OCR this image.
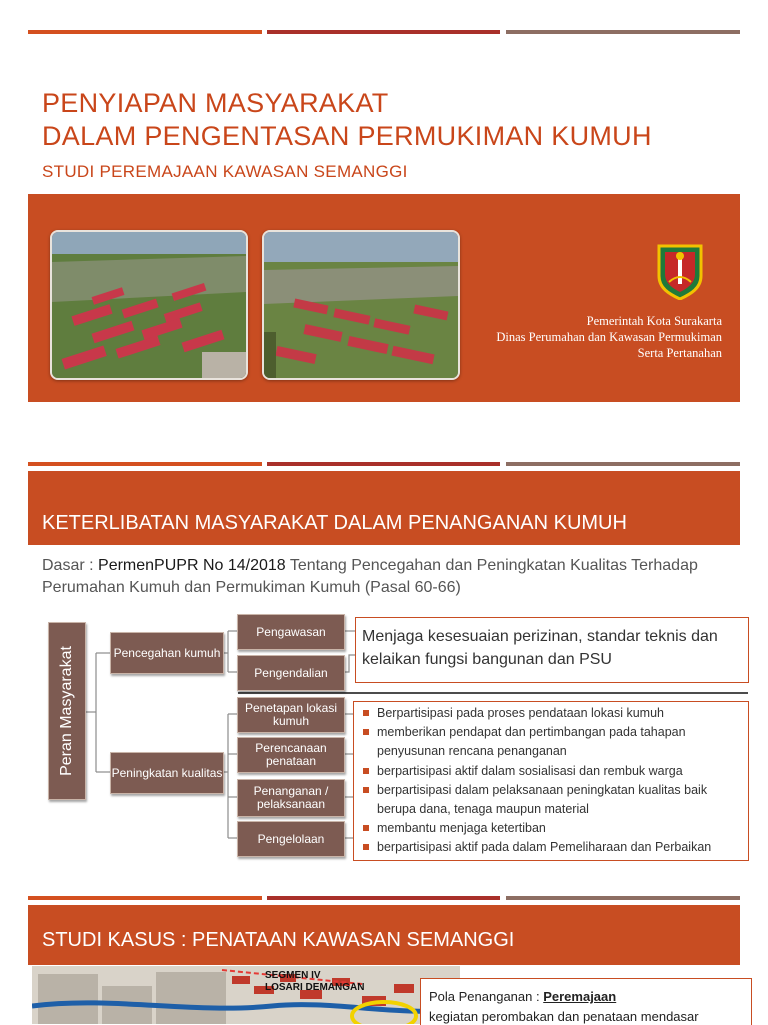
PENYIAPAN MASYARAKAT
DALAM PENGENTASAN PERMUKIMAN KUMUH
STUDI PEREMAJAAN KAWASAN SEMANGGI
Pemerintah Kota Surakarta
Dinas Perumahan dan Kawasan Permukiman
Serta Pertanahan
KETERLIBATAN MASYARAKAT DALAM PENANGANAN KUMUH
Dasar : PermenPUPR No 14/2018 Tentang Pencegahan dan Peningkatan Kualitas Terhadap Perumahan Kumuh dan Permukiman Kumuh (Pasal 60-66)
Peran Masyarakat	Pencegahan kumuh
Peningkatan kualitas
Pengawasan
Pengendalian
Penetapan lokasi kumuh
Perencanaan penataan
Penanganan / pelaksanaan
Pengelolaan
Menjaga kesesuaian perizinan, standar teknis dan kelaikan fungsi bangunan dan PSU
Berpartisipasi pada proses pendataan lokasi kumuh
memberikan pendapat dan pertimbangan pada tahapan penyusunan rencana penanganan
berpartisipasi aktif dalam sosialisasi dan rembuk warga
berpartisipasi dalam pelaksanaan peningkatan kualitas baik berupa dana, tenaga maupun material
membantu menjaga ketertiban
berpartisipasi aktif pada dalam Pemeliharaan dan Perbaikan
STUDI KASUS : PENATAAN KAWASAN SEMANGGI
SEGMEN IV
LOSARI DEMANGAN
Pola Penanganan : Peremajaan
kegiatan perombakan dan penataan mendasar
